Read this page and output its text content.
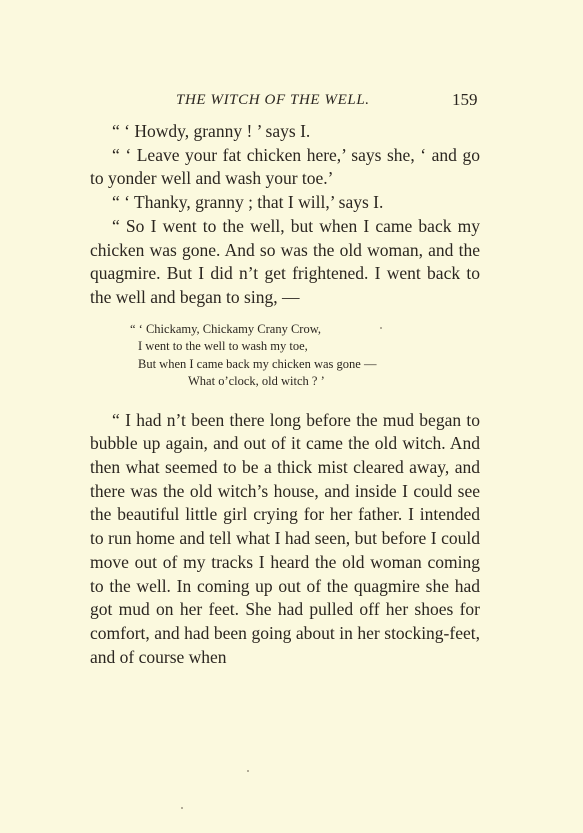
THE WITCH OF THE WELL.	159

“ ‘ Howdy, granny ! ’ says I.

“ ‘ Leave your fat chicken here,’ says she, ‘ and go to yonder well and wash your toe.’

“ ‘ Thanky, granny ; that I will,’ says I.

“ So I went to the well, but when I came back my chicken was gone. And so was the old woman, and the quagmire. But I did n’t get frightened. I went back to the well and began to sing, —

“ ‘ Chickamy, Chickamy Crany Crow,
I went to the well to wash my toe,
But when I came back my chicken was gone —
What o’clock, old witch ? ’

“ I had n’t been there long before the mud began to bubble up again, and out of it came the old witch. And then what seemed to be a thick mist cleared away, and there was the old witch’s house, and inside I could see the beautiful little girl crying for her father. I intended to run home and tell what I had seen, but before I could move out of my tracks I heard the old woman coming to the well. In coming up out of the quagmire she had got mud on her feet. She had pulled off her shoes for comfort, and had been going about in her stocking-feet, and of course when
